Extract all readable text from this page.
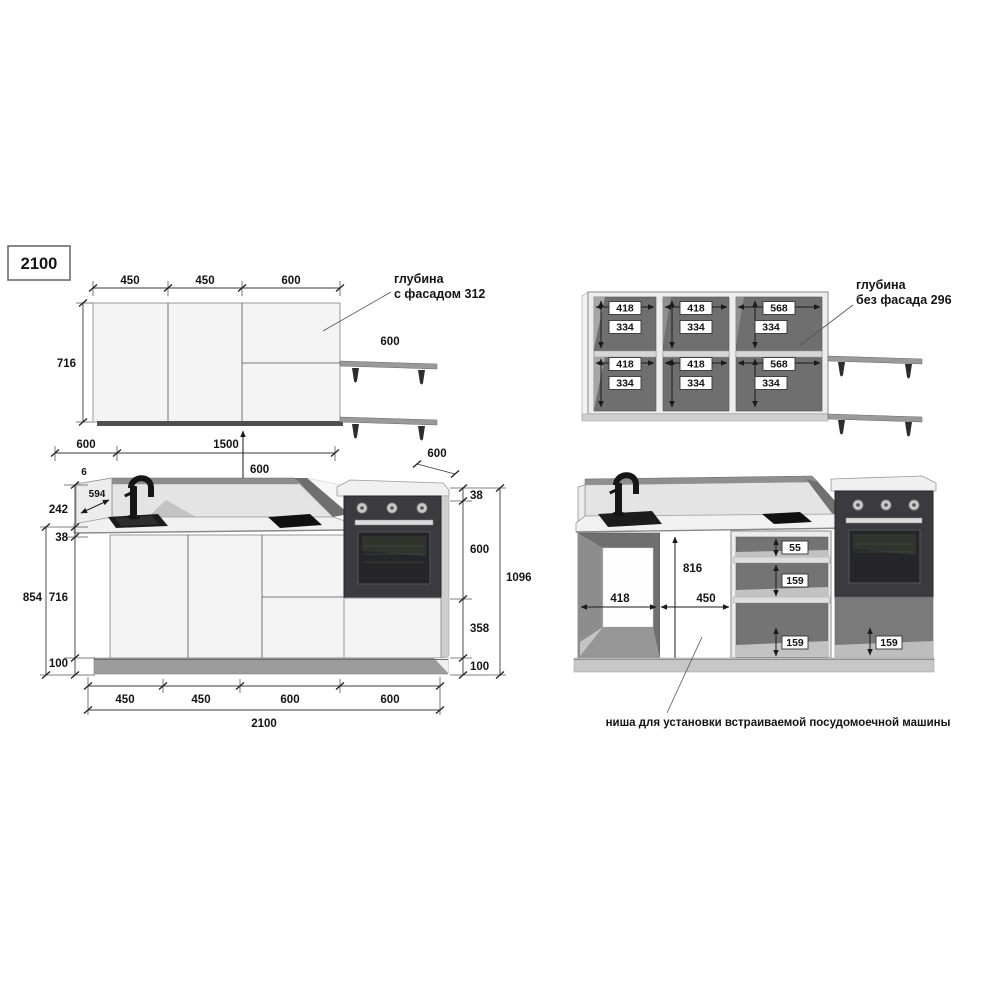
2100
450	450	600
716
600
глубина
с фасадом 312
418
334
418
334
418
334
418
334
568
334
568
334
глубина
без фасада 296
600	1500
600
600
6
594
242
38
716
854
100
38
600
358
100
1096
450	450	600	600
2100
418
816
450
55
159
159	159
ниша для установки встраиваемой посудомоечной машины
